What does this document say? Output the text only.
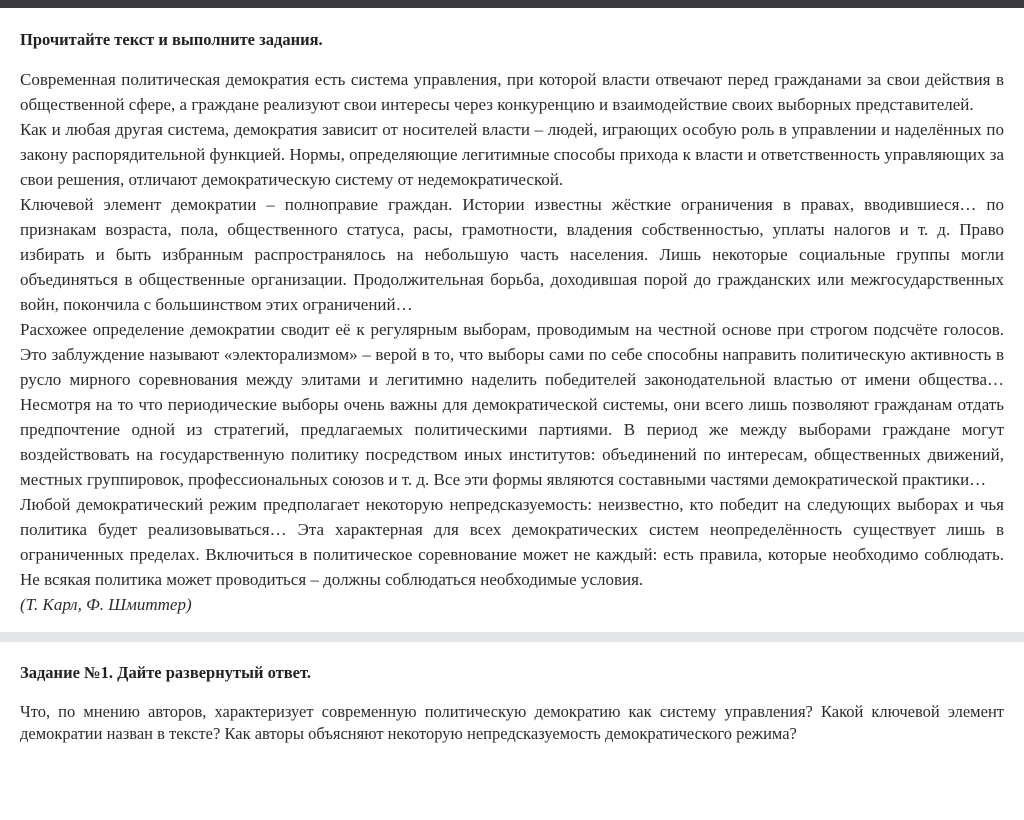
Прочитайте текст и выполните задания.

Современная политическая демократия есть система управления, при которой власти отвечают перед гражданами за свои действия в общественной сфере, а граждане реализуют свои интересы через конкуренцию и взаимодействие своих выборных представителей.

Как и любая другая система, демократия зависит от носителей власти – людей, играющих особую роль в управлении и наделённых по закону распорядительной функцией. Нормы, определяющие легитимные способы прихода к власти и ответственность управляющих за свои решения, отличают демократическую систему от недемократической.

Ключевой элемент демократии – полноправие граждан. Истории известны жёсткие ограничения в правах, вводившиеся… по признакам возраста, пола, общественного статуса, расы, грамотности, владения собственностью, уплаты налогов и т. д. Право избирать и быть избранным распространялось на небольшую часть населения. Лишь некоторые социальные группы могли объединяться в общественные организации. Продолжительная борьба, доходившая порой до гражданских или межгосударственных войн, покончила с большинством этих ограничений…

Расхожее определение демократии сводит её к регулярным выборам, проводимым на честной основе при строгом подсчёте голосов. Это заблуждение называют «электорализмом» – верой в то, что выборы сами по себе способны направить политическую активность в русло мирного соревнования между элитами и легитимно наделить победителей законодательной властью от имени общества… Несмотря на то что периодические выборы очень важны для демократической системы, они всего лишь позволяют гражданам отдать предпочтение одной из стратегий, предлагаемых политическими партиями. В период же между выборами граждане могут воздействовать на государственную политику посредством иных институтов: объединений по интересам, общественных движений, местных группировок, профессиональных союзов и т. д. Все эти формы являются составными частями демократической практики…

Любой демократический режим предполагает некоторую непредсказуемость: неизвестно, кто победит на следующих выборах и чья политика будет реализовываться… Эта характерная для всех демократических систем неопределённость существует лишь в ограниченных пределах. Включиться в политическое соревнование может не каждый: есть правила, которые необходимо соблюдать. Не всякая политика может проводиться – должны соблюдаться необходимые условия.

(Т. Карл, Ф. Шмиттер)

Задание №1. Дайте развернутый ответ.

Что, по мнению авторов, характеризует современную политическую демократию как систему управления? Какой ключевой элемент демократии назван в тексте? Как авторы объясняют некоторую непредсказуемость демократического режима?
